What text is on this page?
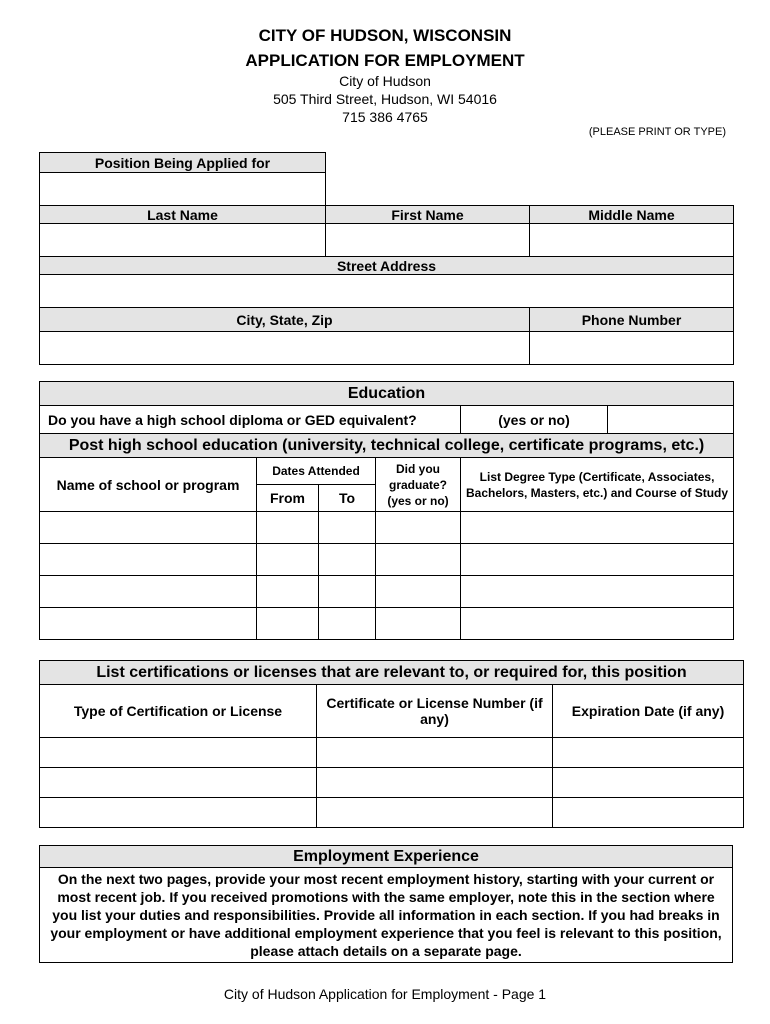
CITY OF HUDSON, WISCONSIN
APPLICATION FOR EMPLOYMENT
City of Hudson
505 Third Street, Hudson, WI 54016
715 386 4765
(PLEASE PRINT OR TYPE)
Position Being Applied for		

Last Name	First Name	Middle Name

Street Address		

City, State, Zip		Phone Number

Education					
Do you have a high school diploma or GED equivalent?				(yes or no)	
Post high school education (university, technical college, certificate programs, etc.)					
Name of school or program	Dates Attended		Did you graduate? (yes or no)	List Degree Type (Certificate, Associates, Bachelors, Masters, etc.) and Course of Study	
	From	To			

List certifications or licenses that are relevant to, or required for, this position		
Type of Certification or License	Certificate or License Number (if any)	Expiration Date (if any)

Employment Experience
On the next two pages, provide your most recent employment history, starting with your current or most recent job. If you received promotions with the same employer, note this in the section where you list your duties and responsibilities. Provide all information in each section. If you had breaks in your employment or have additional employment experience that you feel is relevant to this position, please attach details on a separate page.
City of Hudson Application for Employment - Page 1
